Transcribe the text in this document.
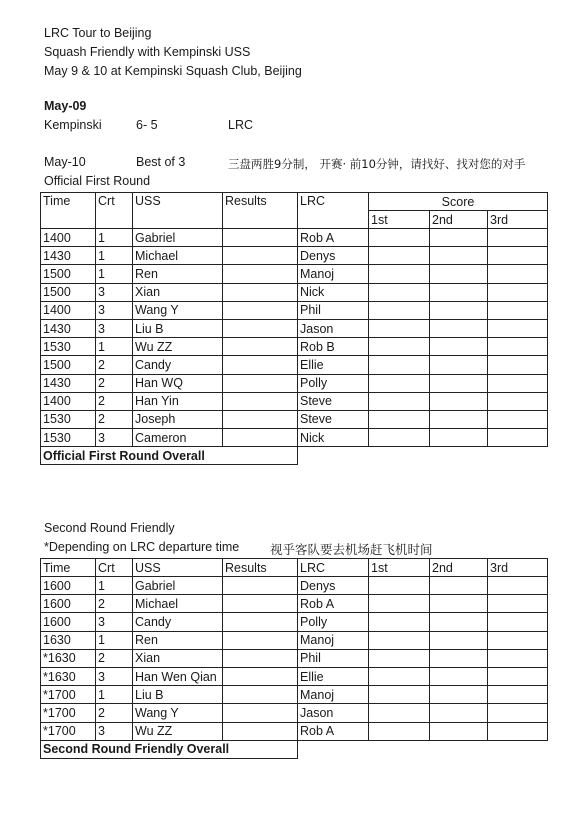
LRC Tour to Beijing
Squash Friendly with Kempinski USS
May 9 & 10 at Kempinski Squash Club, Beijing
May-09
Kempinski	6- 5	LRC
May-10	Best of 3	三盘两胜9分制， 开赛· 前10分钟，请找好、找对您的对手
Official First Round
Time	Crt	USS	Results	LRC	Score		
					1st	2nd	3rd
1400	1	Gabriel		Rob A			
1430	1	Michael		Denys			
1500	1	Ren		Manoj			
1500	3	Xian		Nick			
1400	3	Wang Y		Phil			
1430	3	Liu B		Jason			
1530	1	Wu ZZ		Rob B			
1500	2	Candy		Ellie			
1430	2	Han WQ		Polly			
1400	2	Han Yin		Steve			
1530	2	Joseph		Steve			
1530	3	Cameron		Nick			
Official First Round Overall							
Second Round Friendly
*Depending on LRC departure time 视乎客队要去机场赶飞机时间
Time	Crt	USS	Results	LRC	1st	2nd	3rd
1600	1	Gabriel		Denys			
1600	2	Michael		Rob A			
1600	3	Candy		Polly			
1630	1	Ren		Manoj			
*1630	2	Xian		Phil			
*1630	3	Han Wen Qian		Ellie			
*1700	1	Liu B		Manoj			
*1700	2	Wang Y		Jason			
*1700	3	Wu ZZ		Rob A			
Second Round Friendly Overall							
